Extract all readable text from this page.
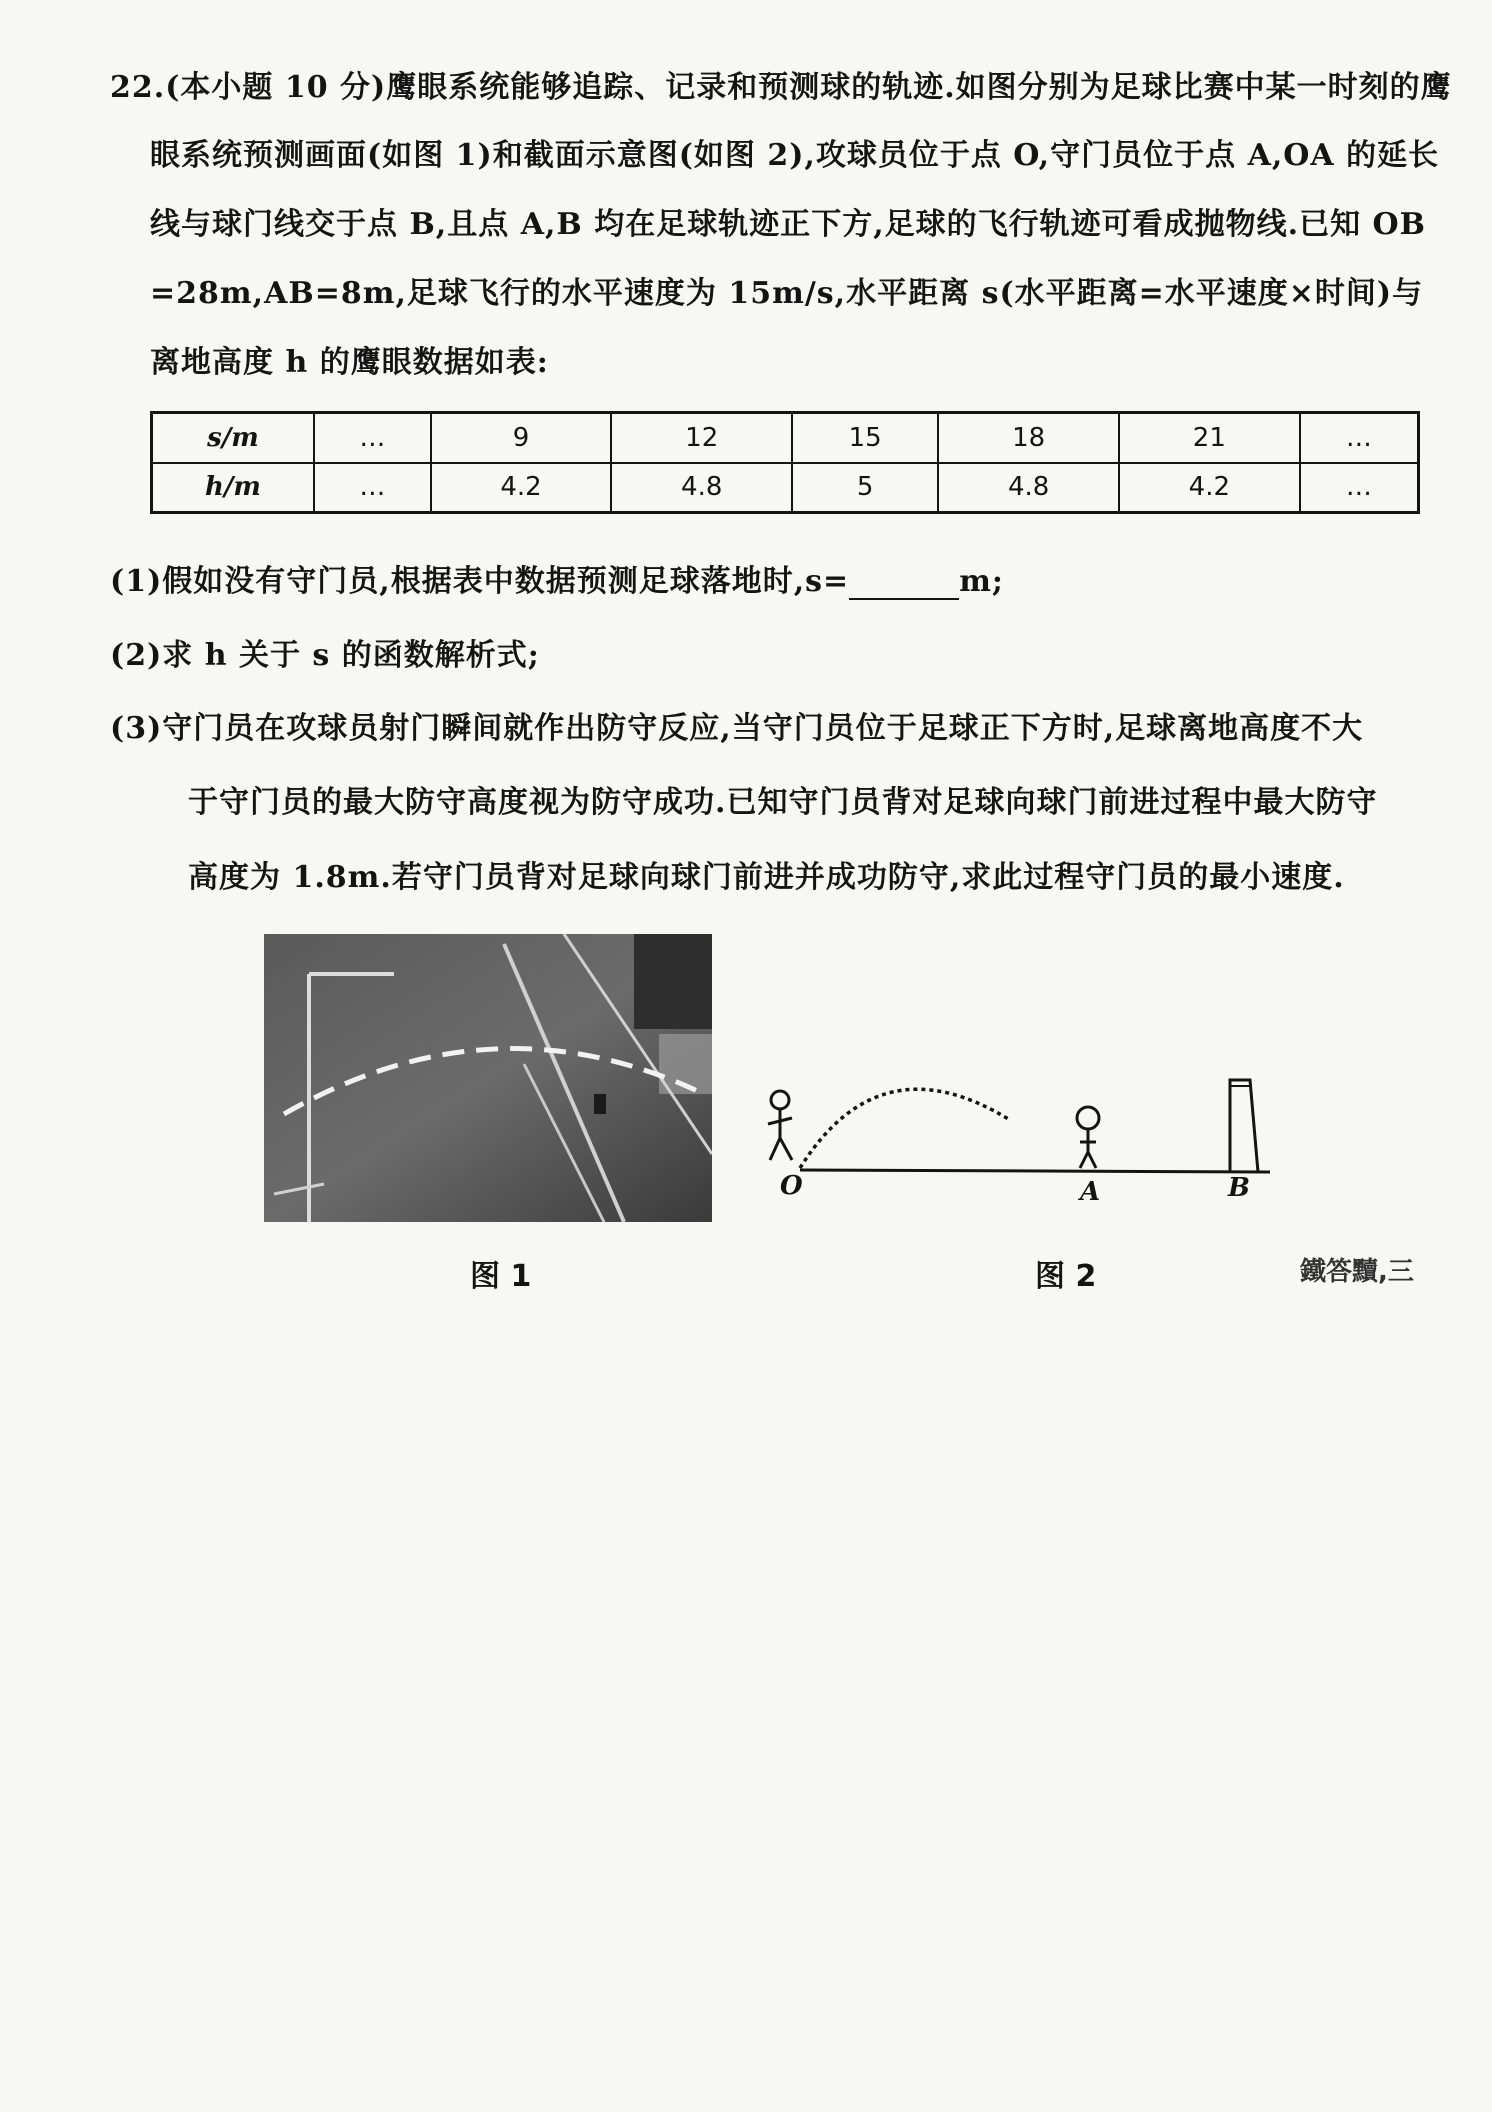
22.(本小题 10 分)鹰眼系统能够追踪、记录和预测球的轨迹.如图分别为足球比赛中某一时刻的鹰
眼系统预测画面(如图 1)和截面示意图(如图 2),攻球员位于点 O,守门员位于点 A,OA 的延长
线与球门线交于点 B,且点 A,B 均在足球轨迹正下方,足球的飞行轨迹可看成抛物线.已知 OB
=28m,AB=8m,足球飞行的水平速度为 15m/s,水平距离 s(水平距离=水平速度×时间)与
离地高度 h 的鹰眼数据如表:
s/m	…	9	12	15	18	21	…
h/m	…	4.2	4.8	5	4.8	4.2	…
(1)假如没有守门员,根据表中数据预测足球落地时,s=	m;
(2)求 h 关于 s 的函数解析式;
(3)守门员在攻球员射门瞬间就作出防守反应,当守门员位于足球正下方时,足球离地高度不大
于守门员的最大防守高度视为防守成功.已知守门员背对足球向球门前进过程中最大防守
高度为 1.8m.若守门员背对足球向球门前进并成功防守,求此过程守门员的最小速度.
O	A	B
图 1	图 2	鐵答黷,三
